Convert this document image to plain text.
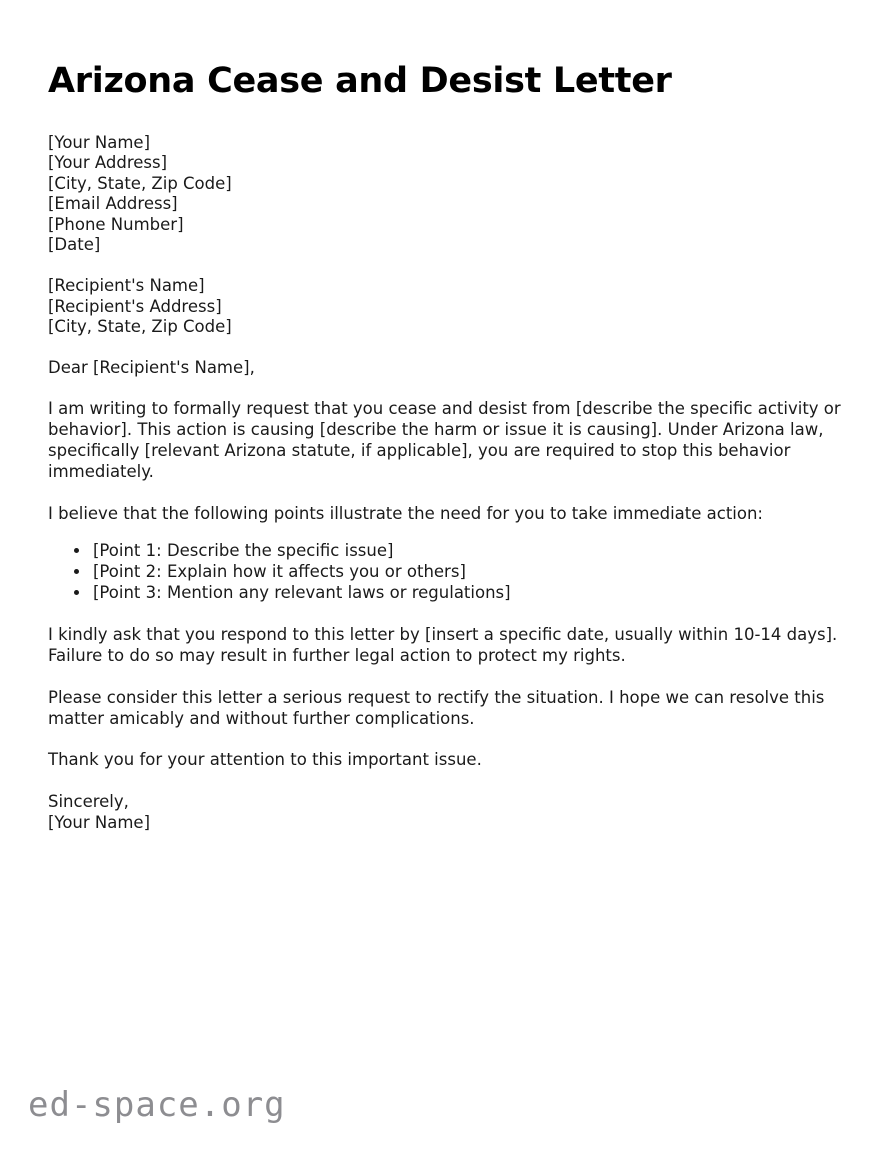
Arizona Cease and Desist Letter
[Your Name]
[Your Address]
[City, State, Zip Code]
[Email Address]
[Phone Number]
[Date]
[Recipient's Name]
[Recipient's Address]
[City, State, Zip Code]

Dear [Recipient's Name],

I am writing to formally request that you cease and desist from [describe the specific activity or behavior]. This action is causing [describe the harm or issue it is causing]. Under Arizona law, specifically [relevant Arizona statute, if applicable], you are required to stop this behavior immediately.

I believe that the following points illustrate the need for you to take immediate action:

• [Point 1: Describe the specific issue]
• [Point 2: Explain how it affects you or others]
• [Point 3: Mention any relevant laws or regulations]

I kindly ask that you respond to this letter by [insert a specific date, usually within 10-14 days]. Failure to do so may result in further legal action to protect my rights.

Please consider this letter a serious request to rectify the situation. I hope we can resolve this matter amicably and without further complications.

Thank you for your attention to this important issue.

Sincerely,
[Your Name]
ed-space.org
